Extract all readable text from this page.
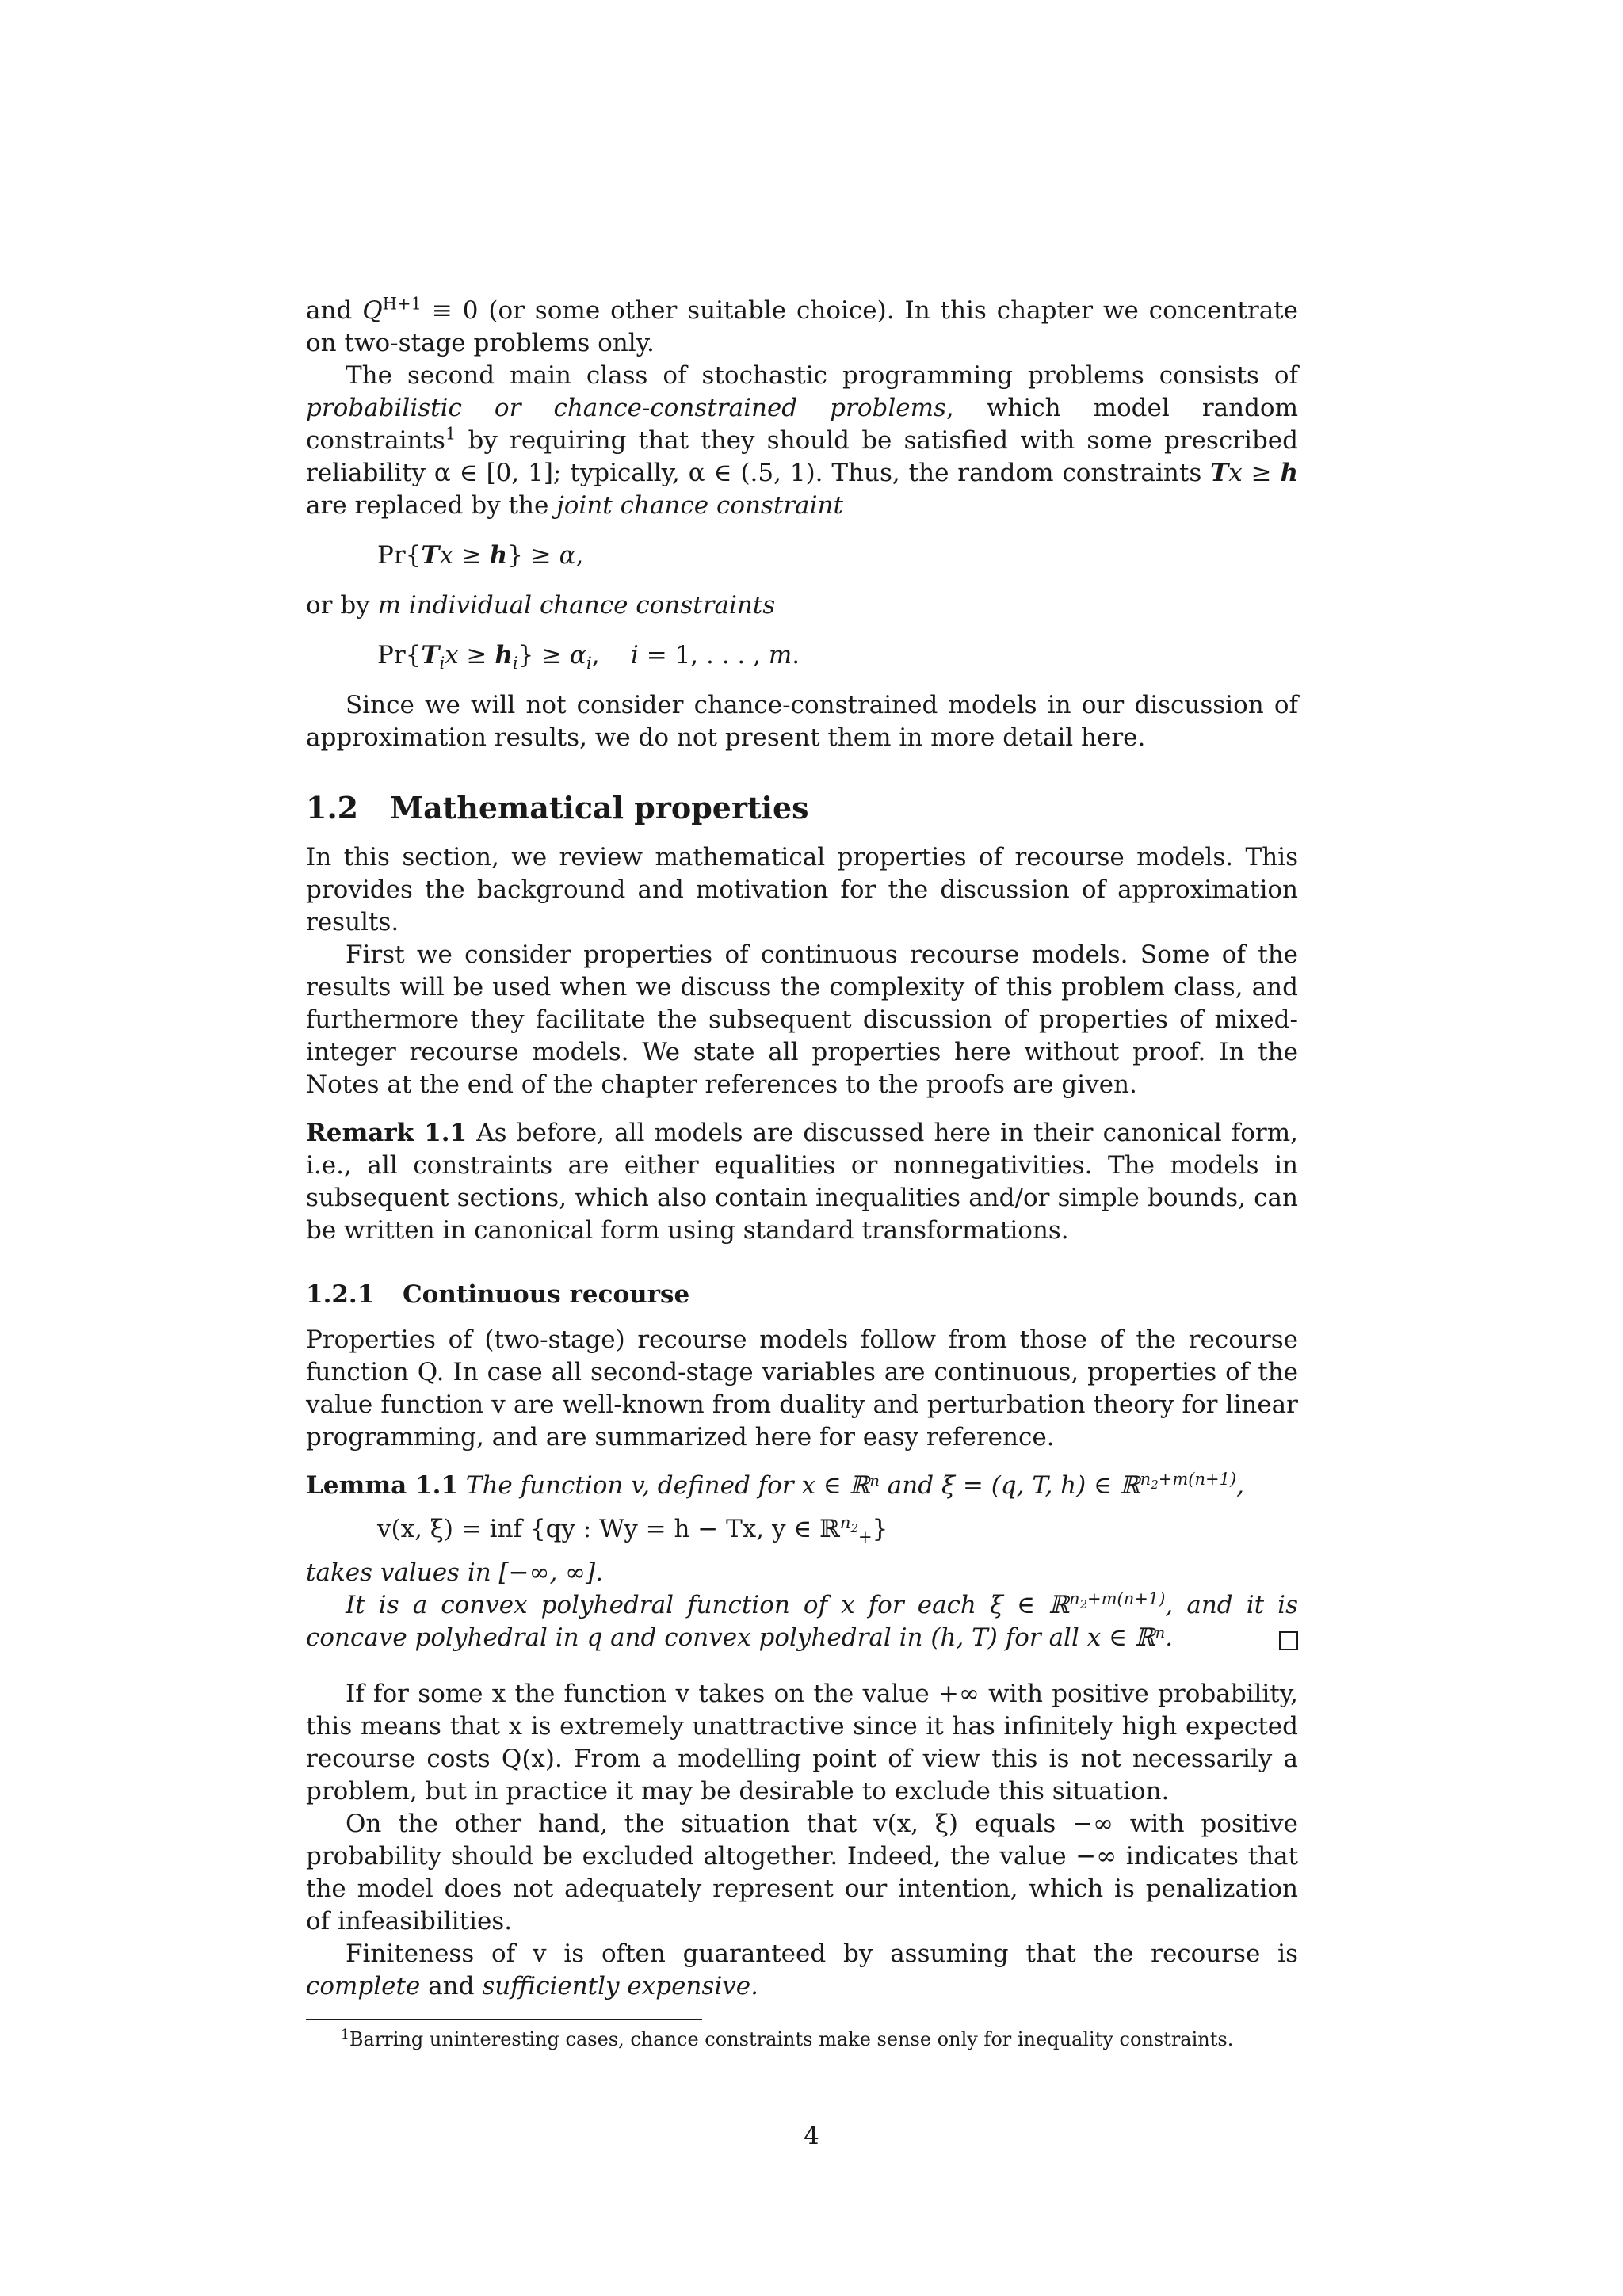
and $Q^{H+1} \equiv 0$ (or some other suitable choice). In this chapter we concentrate on two-stage problems only.

The second main class of stochastic programming problems consists of probabilistic or chance-constrained problems, which model random constraints$^1$ by requiring that they should be satisfied with some prescribed reliability α ∈ [0, 1]; typically, α ∈ (.5, 1). Thus, the random constraints Tx ≥ h are replaced by the joint chance constraint

Pr{Tx ≥ h} ≥ α,

or by m individual chance constraints

$Pr\{T_ix \ge h_i\} \ge \alpha_i$,    i = 1, . . . , m.

Since we will not consider chance-constrained models in our discussion of approximation results, we do not present them in more detail here.

1.2 Mathematical properties

In this section, we review mathematical properties of recourse models. This provides the background and motivation for the discussion of approximation results.

First we consider properties of continuous recourse models. Some of the results will be used when we discuss the complexity of this problem class, and furthermore they facilitate the subsequent discussion of properties of mixed-integer recourse models. We state all properties here without proof. In the Notes at the end of the chapter references to the proofs are given.

Remark 1.1 As before, all models are discussed here in their canonical form, i.e., all constraints are either equalities or nonnegativities. The models in subsequent sections, which also contain inequalities and/or simple bounds, can be written in canonical form using standard transformations.

1.2.1 Continuous recourse

Properties of (two-stage) recourse models follow from those of the recourse function Q. In case all second-stage variables are continuous, properties of the value function v are well-known from duality and perturbation theory for linear programming, and are summarized here for easy reference.

Lemma 1.1 The function v, defined for x ∈ ℝⁿ and ξ = (q, T, h) ∈ ℝ$^{n_2+m(n+1)}$,

v(x, ξ) = inf {qy : Wy = h − Tx, y ∈ ℝ$^{n_2}_+$}

takes values in [−∞, ∞].

It is a convex polyhedral function of x for each ξ ∈ ℝ$^{n_2+m(n+1)}$, and it is concave polyhedral in q and convex polyhedral in (h, T) for all x ∈ ℝⁿ.

If for some x the function v takes on the value +∞ with positive probability, this means that x is extremely unattractive since it has infinitely high expected recourse costs Q(x). From a modelling point of view this is not necessarily a problem, but in practice it may be desirable to exclude this situation.

On the other hand, the situation that v(x, ξ) equals −∞ with positive probability should be excluded altogether. Indeed, the value −∞ indicates that the model does not adequately represent our intention, which is penalization of infeasibilities.

Finiteness of v is often guaranteed by assuming that the recourse is complete and sufficiently expensive.

$^1$Barring uninteresting cases, chance constraints make sense only for inequality constraints.

4
